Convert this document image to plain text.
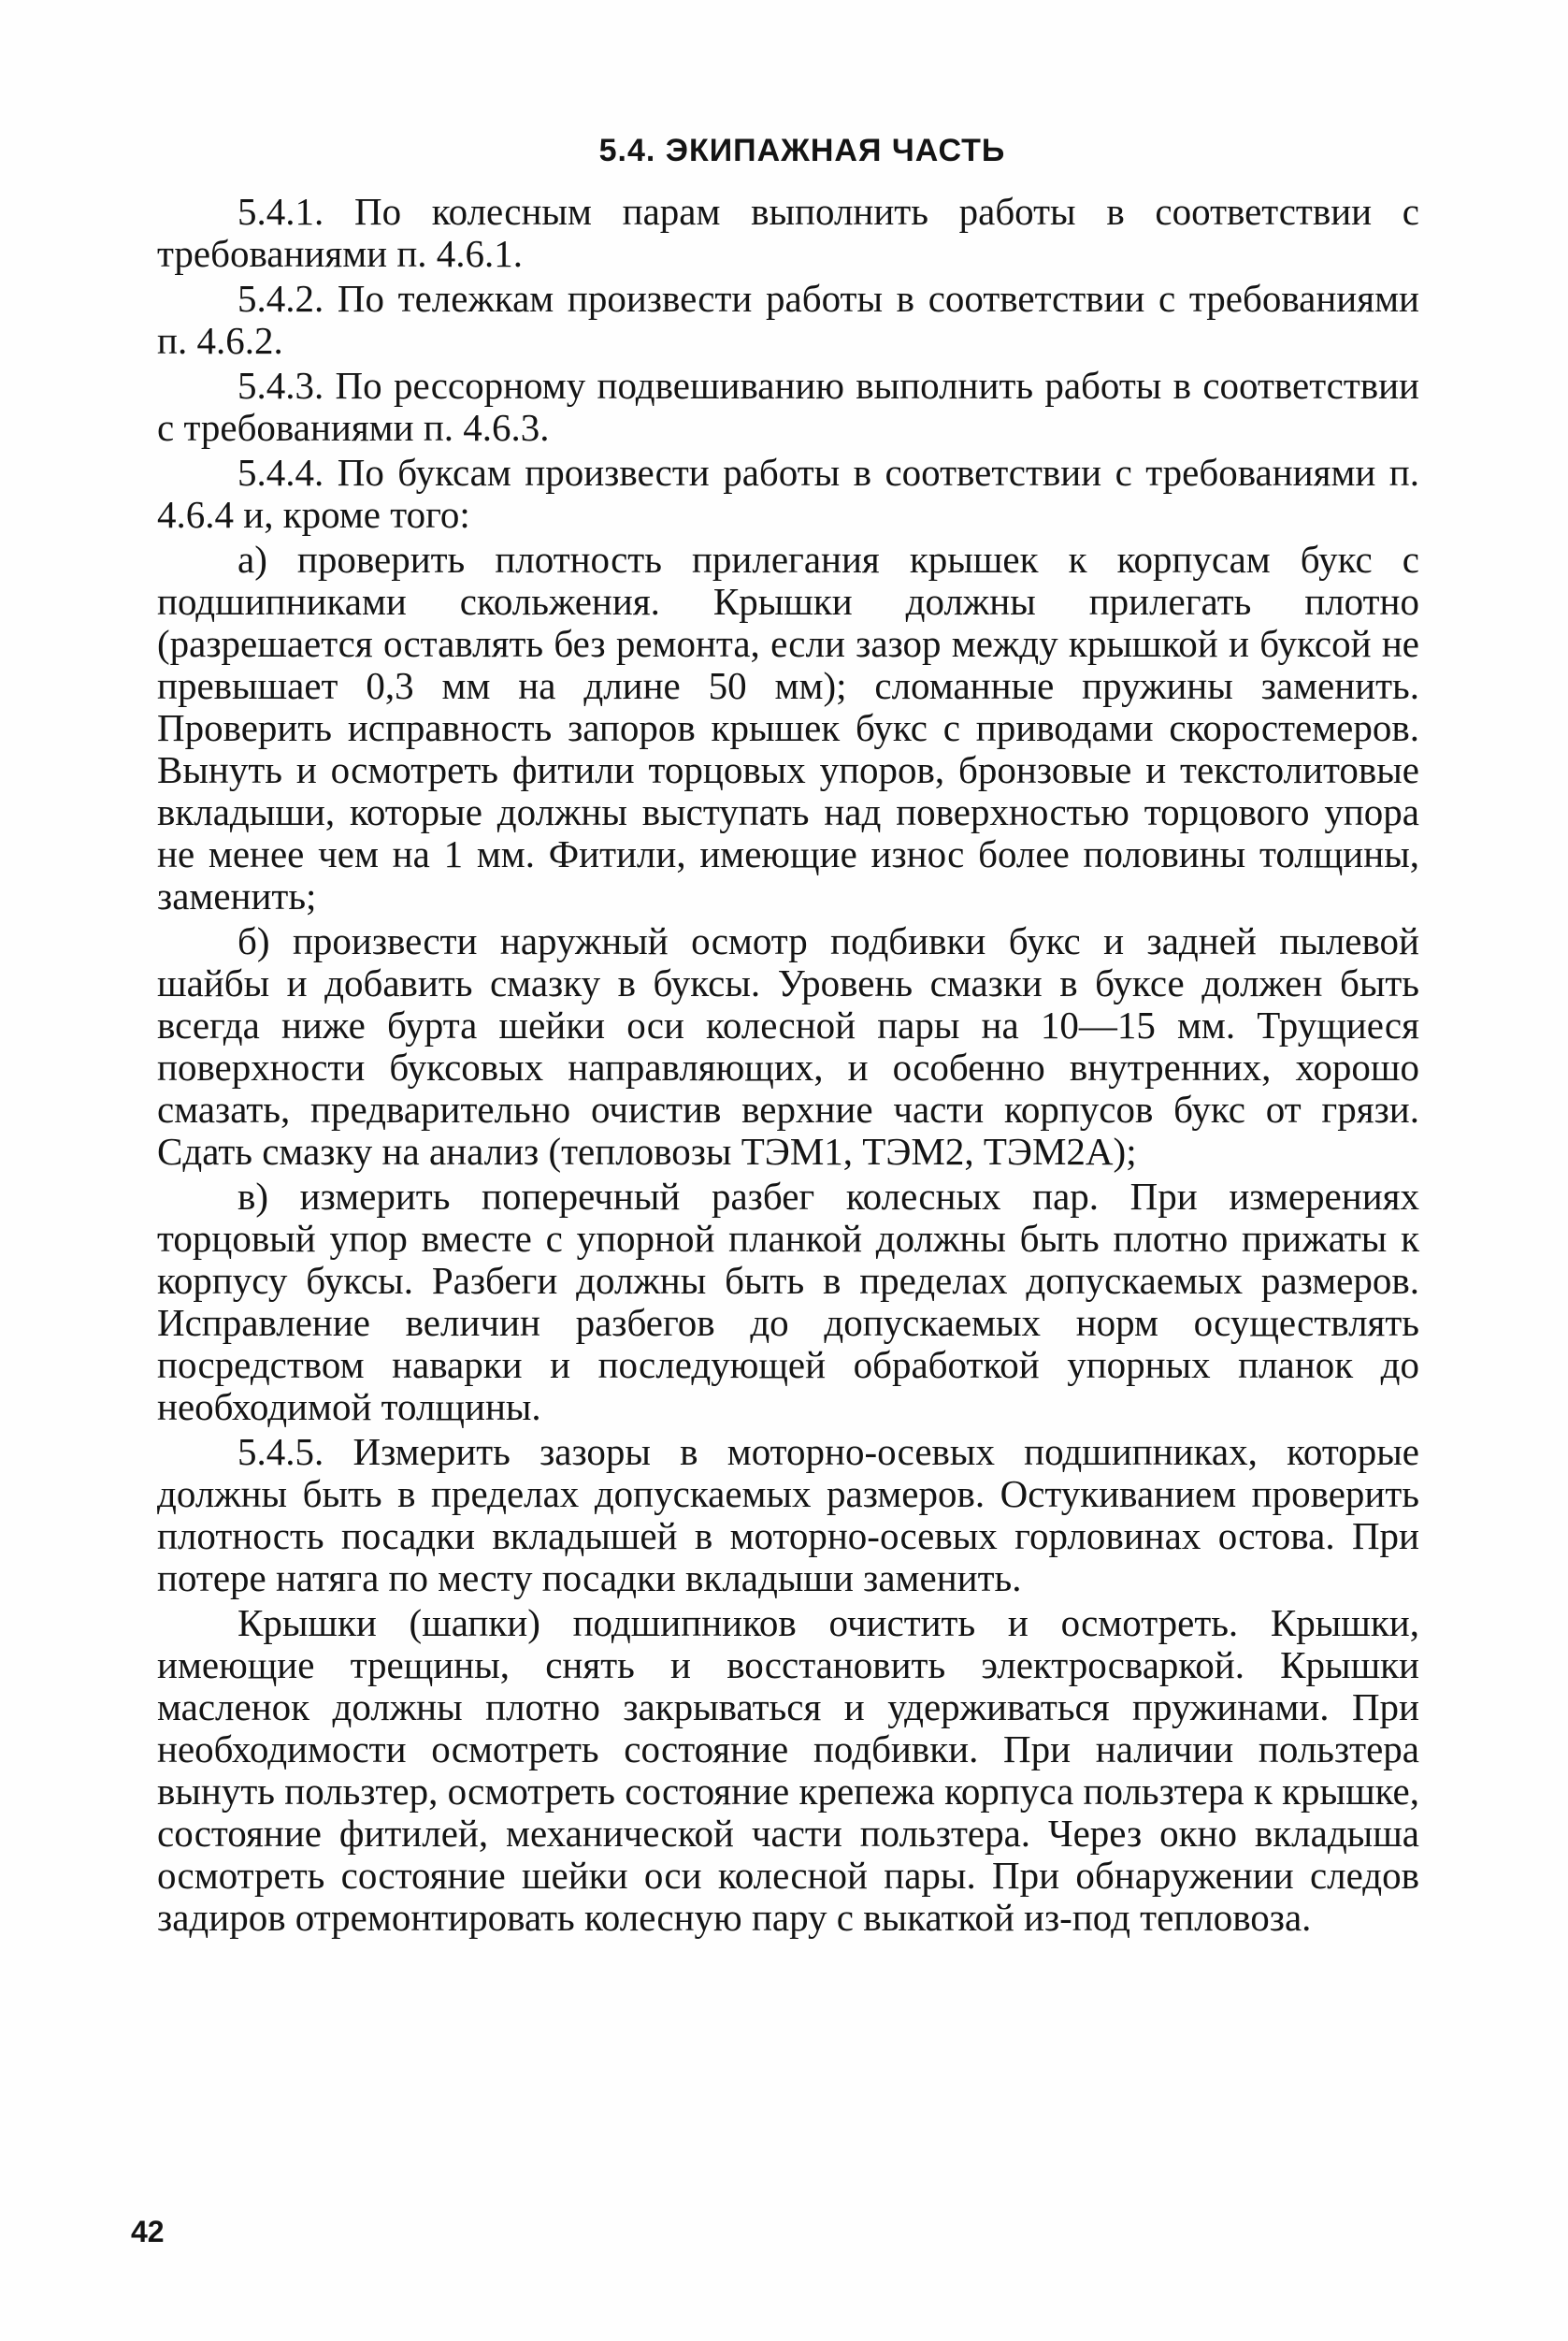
5.4. ЭКИПАЖНАЯ ЧАСТЬ

5.4.1. По колесным парам выполнить работы в соответствии с требованиями п. 4.6.1.

5.4.2. По тележкам произвести работы в соответствии с требованиями п. 4.6.2.

5.4.3. По рессорному подвешиванию выполнить работы в соответствии с требованиями п. 4.6.3.

5.4.4. По буксам произвести работы в соответствии с требованиями п. 4.6.4 и, кроме того:

а) проверить плотность прилегания крышек к корпусам букс с подшипниками скольжения. Крышки должны прилегать плотно (разрешается оставлять без ремонта, если зазор между крышкой и буксой не превышает 0,3 мм на длине 50 мм); сломанные пружины заменить. Проверить исправность запоров крышек букс с приводами скоростемеров. Вынуть и осмотреть фитили торцовых упоров, бронзовые и текстолитовые вкладыши, которые должны выступать над поверхностью торцового упора не менее чем на 1 мм. Фитили, имеющие износ более половины толщины, заменить;

б) произвести наружный осмотр подбивки букс и задней пылевой шайбы и добавить смазку в буксы. Уровень смазки в буксе должен быть всегда ниже бурта шейки оси колесной пары на 10—15 мм. Трущиеся поверхности буксовых направляющих, и особенно внутренних, хорошо смазать, предварительно очистив верхние части корпусов букс от грязи. Сдать смазку на анализ (тепловозы ТЭМ1, ТЭМ2, ТЭМ2А);

в) измерить поперечный разбег колесных пар. При измерениях торцовый упор вместе с упорной планкой должны быть плотно прижаты к корпусу буксы. Разбеги должны быть в пределах допускаемых размеров. Исправление величин разбегов до допускаемых норм осуществлять посредством наварки и последующей обработкой упорных планок до необходимой толщины.

5.4.5. Измерить зазоры в моторно-осевых подшипниках, которые должны быть в пределах допускаемых размеров. Остукиванием проверить плотность посадки вкладышей в моторно-осевых горловинах остова. При потере натяга по месту посадки вкладыши заменить.

Крышки (шапки) подшипников очистить и осмотреть. Крышки, имеющие трещины, снять и восстановить электросваркой. Крышки масленок должны плотно закрываться и удерживаться пружинами. При необходимости осмотреть состояние подбивки. При наличии пользтера вынуть пользтер, осмотреть состояние крепежа корпуса пользтера к крышке, состояние фитилей, механической части пользтера. Через окно вкладыша осмотреть состояние шейки оси колесной пары. При обнаружении следов задиров отремонтировать колесную пару с выкаткой из-под тепловоза.

42
